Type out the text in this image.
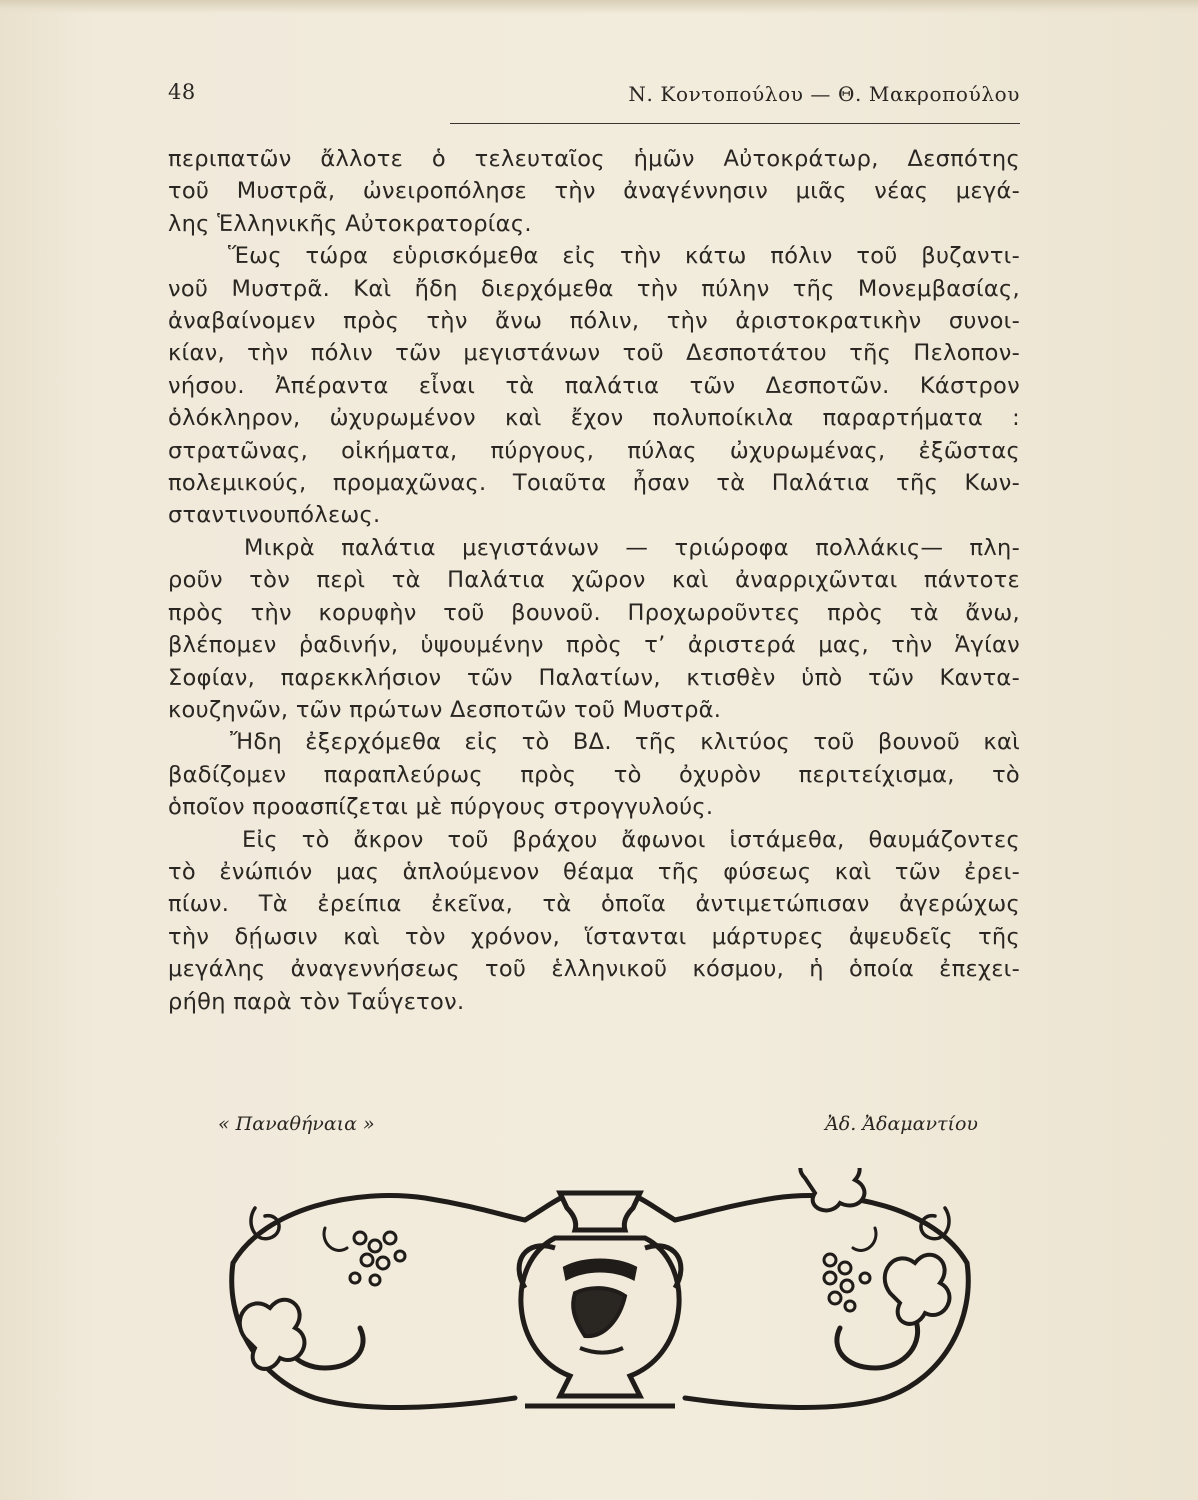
48	Ν. Κοντοπούλου — Θ. Μακροπούλου

περιπατῶν ἄλλοτε ὁ τελευταῖος ἡμῶν Αὐτοκράτωρ, Δεσπότης
τοῦ Μυστρᾶ, ὠνειροπόλησε τὴν ἀναγέννησιν μιᾶς νέας μεγά-
λης Ἑλληνικῆς Αὐτοκρατορίας.

Ἕως τώρα εὑρισκόμεθα εἰς τὴν κάτω πόλιν τοῦ βυζαντι-
νοῦ Μυστρᾶ. Καὶ ἤδη διερχόμεθα τὴν πύλην τῆς Μονεμβασίας,
ἀναβαίνομεν πρὸς τὴν ἄνω πόλιν, τὴν ἀριστοκρατικὴν συνοι-
κίαν, τὴν πόλιν τῶν μεγιστάνων τοῦ Δεσποτάτου τῆς Πελοπον-
νήσου. Ἀπέραντα εἶναι τὰ παλάτια τῶν Δεσποτῶν. Κάστρον
ὁλόκληρον, ὠχυρωμένον καὶ ἔχον πολυποίκιλα παραρτήματα :
στρατῶνας, οἰκήματα, πύργους, πύλας ὠχυρωμένας, ἐξῶστας
πολεμικούς, προμαχῶνας. Τοιαῦτα ἦσαν τὰ Παλάτια τῆς Κων-
σταντινουπόλεως.

Μικρὰ παλάτια μεγιστάνων — τριώροφα πολλάκις— πλη-
ροῦν τὸν περὶ τὰ Παλάτια χῶρον καὶ ἀναρριχῶνται πάντοτε
πρὸς τὴν κορυφὴν τοῦ βουνοῦ. Προχωροῦντες πρὸς τὰ ἄνω,
βλέπομεν ῥαδινήν, ὑψουμένην πρὸς τ’ ἀριστερά μας, τὴν Ἁγίαν
Σοφίαν, παρεκκλήσιον τῶν Παλατίων, κτισθὲν ὑπὸ τῶν Καντα-
κουζηνῶν, τῶν πρώτων Δεσποτῶν τοῦ Μυστρᾶ.

Ἤδη ἐξερχόμεθα εἰς τὸ ΒΔ. τῆς κλιτύος τοῦ βουνοῦ καὶ
βαδίζομεν παραπλεύρως πρὸς τὸ ὀχυρὸν περιτείχισμα, τὸ
ὁποῖον προασπίζεται μὲ πύργους στρογγυλούς.

Εἰς τὸ ἄκρον τοῦ βράχου ἄφωνοι ἱστάμεθα, θαυμάζοντες
τὸ ἐνώπιόν μας ἁπλούμενον θέαμα τῆς φύσεως καὶ τῶν ἐρει-
πίων. Τὰ ἐρείπια ἐκεῖνα, τὰ ὁποῖα ἀντιμετώπισαν ἀγερώχως
τὴν δῄωσιν καὶ τὸν χρόνον, ἵστανται μάρτυρες ἀψευδεῖς τῆς
μεγάλης ἀναγεννήσεως τοῦ ἑλληνικοῦ κόσμου, ἡ ὁποία ἐπεχει-
ρήθη παρὰ τὸν Ταΰγετον.

« Παναθήναια »	Ἀδ. Ἀδαμαντίου
